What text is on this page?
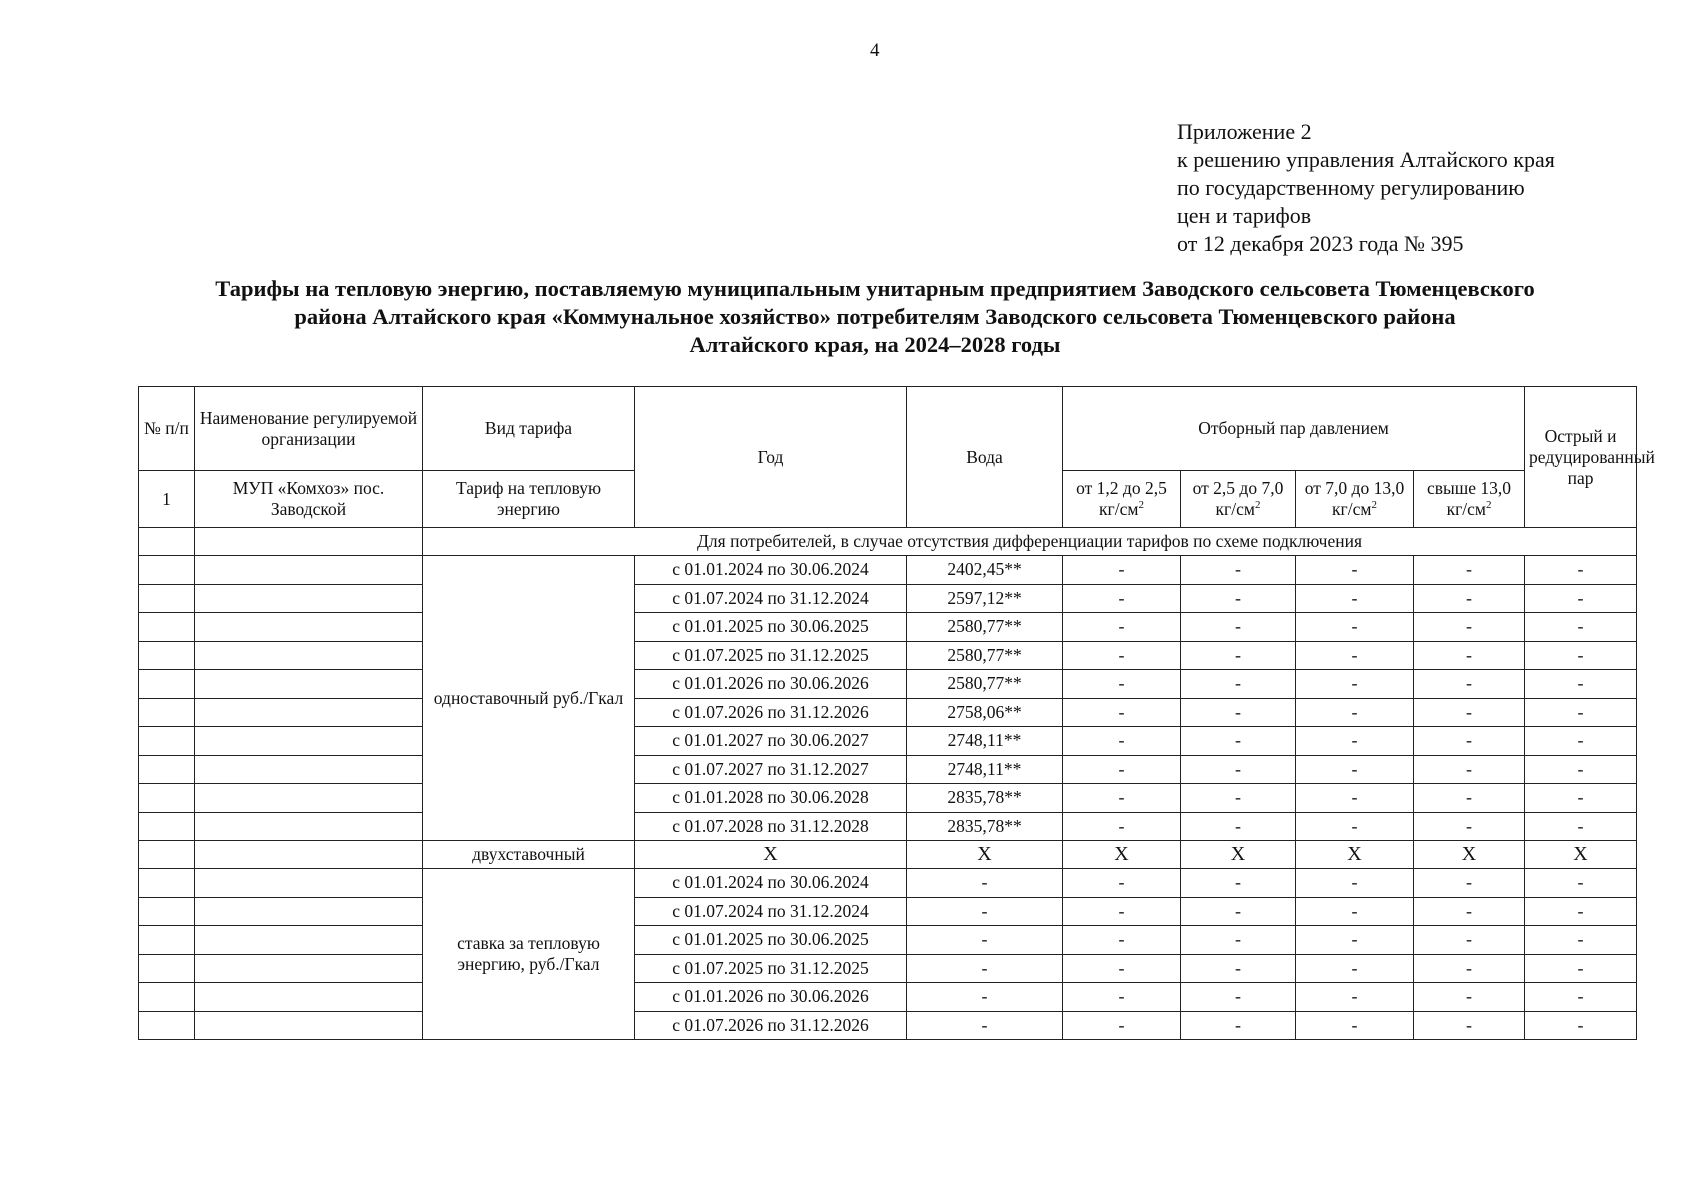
4
Приложение 2
к решению управления Алтайского края
по государственному регулированию
цен и тарифов
от 12 декабря 2023 года № 395
Тарифы на тепловую энергию, поставляемую муниципальным унитарным предприятием Заводского сельсовета Тюменцевского
района Алтайского края «Коммунальное хозяйство» потребителям Заводского сельсовета Тюменцевского района
Алтайского края, на 2024–2028 годы
№ п/п	Наименование регулируемой организации	Вид тарифа	Год	Вода	Отборный пар давлением				Острый и редуцированный пар
1	МУП «Комхоз» пос. Заводской	Тариф на тепловую энергию			от 1,2 до 2,5 $кг/см^2$	от 2,5 до 7,0 $кг/см^2$	от 7,0 до 13,0 $кг/см^2$	свыше 13,0 $кг/см^2$

		Для потребителей, в случае отсутствия дифференциации тарифов по схеме подключения							
		одноставочный руб./Гкал	с 01.01.2024 по 30.06.2024	2402,45**	-	-	-	-	-
			с 01.07.2024 по 31.12.2024	2597,12**	-	-	-	-	-
			с 01.01.2025 по 30.06.2025	2580,77**	-	-	-	-	-
			с 01.07.2025 по 31.12.2025	2580,77**	-	-	-	-	-
			с 01.01.2026 по 30.06.2026	2580,77**	-	-	-	-	-
			с 01.07.2026 по 31.12.2026	2758,06**	-	-	-	-	-
			с 01.01.2027 по 30.06.2027	2748,11**	-	-	-	-	-
			с 01.07.2027 по 31.12.2027	2748,11**	-	-	-	-	-
			с 01.01.2028 по 30.06.2028	2835,78**	-	-	-	-	-
			с 01.07.2028 по 31.12.2028	2835,78**	-	-	-	-	-
		двухставочный	Х	Х	Х	Х	Х	Х	Х
		ставка за тепловую энергию, руб./Гкал	с 01.01.2024 по 30.06.2024	-	-	-	-	-	-
			с 01.07.2024 по 31.12.2024	-	-	-	-	-	-
			с 01.01.2025 по 30.06.2025	-	-	-	-	-	-
			с 01.07.2025 по 31.12.2025	-	-	-	-	-	-
			с 01.01.2026 по 30.06.2026	-	-	-	-	-	-
			с 01.07.2026 по 31.12.2026	-	-	-	-	-	-
